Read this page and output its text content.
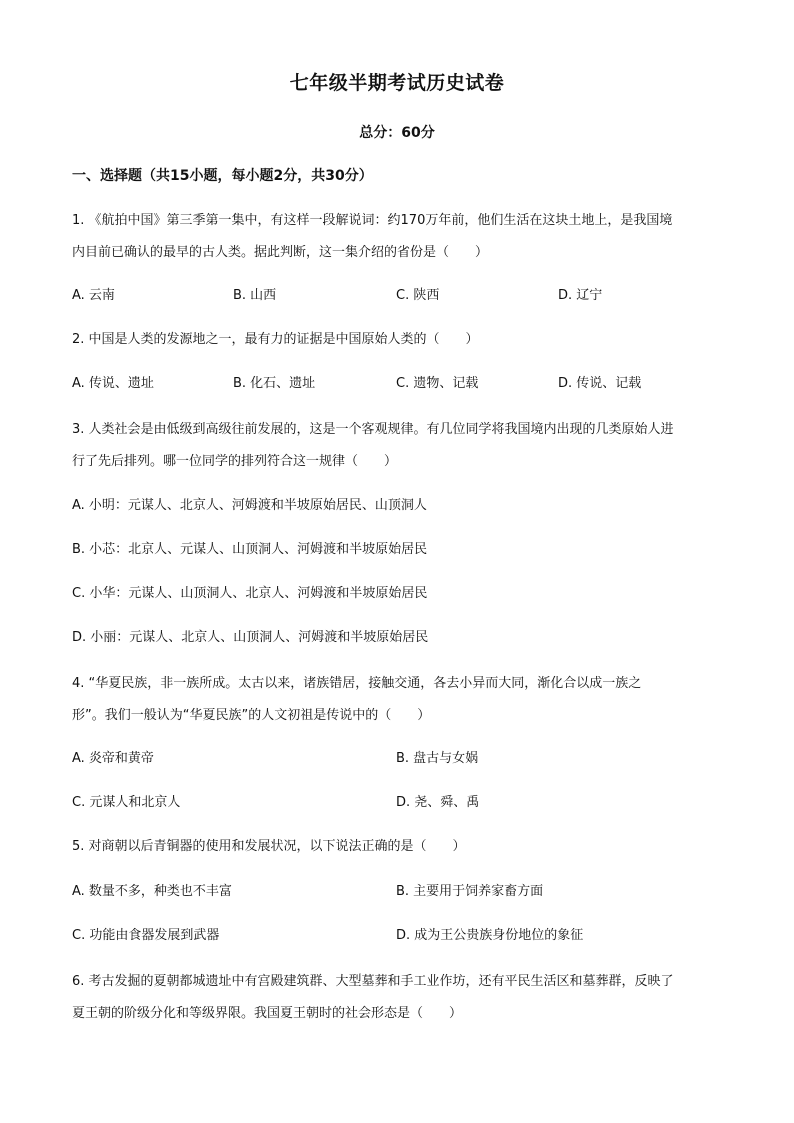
七年级半期考试历史试卷
总分：60分
一、选择题（共15小题，每小题2分，共30分）
1. 《航拍中国》第三季第一集中，有这样一段解说词：约170万年前，他们生活在这块土地上，是我国境
内目前已确认的最早的古人类。据此判断，这一集介绍的省份是（　　）
A. 云南	B. 山西	C. 陕西	D. 辽宁
2. 中国是人类的发源地之一，最有力的证据是中国原始人类的（　　）
A. 传说、遗址	B. 化石、遗址	C. 遗物、记载	D. 传说、记载
3. 人类社会是由低级到高级往前发展的，这是一个客观规律。有几位同学将我国境内出现的几类原始人进
行了先后排列。哪一位同学的排列符合这一规律（　　）
A. 小明：元谋人、北京人、河姆渡和半坡原始居民、山顶洞人
B. 小芯：北京人、元谋人、山顶洞人、河姆渡和半坡原始居民
C. 小华：元谋人、山顶洞人、北京人、河姆渡和半坡原始居民
D. 小丽：元谋人、北京人、山顶洞人、河姆渡和半坡原始居民
4. “华夏民族，非一族所成。太古以来，诸族错居，接触交通，各去小异而大同，渐化合以成一族之
形”。我们一般认为“华夏民族”的人文初祖是传说中的（　　）
A. 炎帝和黄帝	B. 盘古与女娲
C. 元谋人和北京人	D. 尧、舜、禹
5. 对商朝以后青铜器的使用和发展状况，以下说法正确的是（　　）
A. 数量不多，种类也不丰富	B. 主要用于饲养家畜方面
C. 功能由食器发展到武器	D. 成为王公贵族身份地位的象征
6. 考古发掘的夏朝都城遗址中有宫殿建筑群、大型墓葬和手工业作坊，还有平民生活区和墓葬群，反映了
夏王朝的阶级分化和等级界限。我国夏王朝时的社会形态是（　　）
